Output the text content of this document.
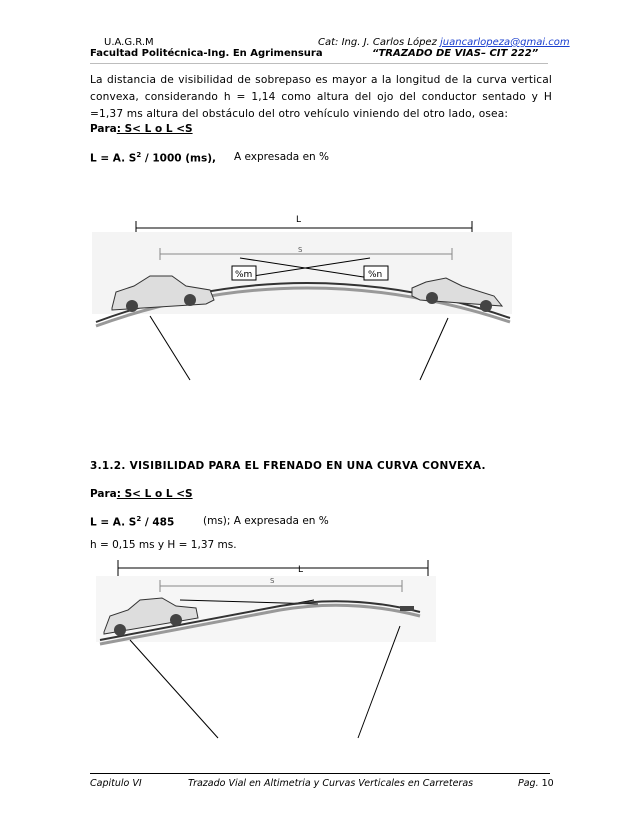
U.A.G.R.M
Facultad Politécnica-Ing. En Agrimensura
Cat: Ing. J. Carlos López juancarlopeza@gmai.com
“TRAZADO DE VIAS– CIT 222”
La distancia de visibilidad de sobrepaso es mayor a la longitud de la curva vertical convexa, considerando h = 1,14 como altura del ojo del conductor sentado y H =1,37 ms altura del obstáculo del otro vehículo viniendo del otro lado, osea:
Para: S< L o L <S
L = A. $S^2 / 1000$ (ms), A expresada en %
L
S
%m	%n
L
S
3.1.2. VISIBILIDAD PARA EL FRENADO EN UNA CURVA CONVEXA.
Para: S< L o L <S
L = A. $S^2 / 485$	(ms); A expresada en %
h = 0,15 ms y H = 1,37 ms.
Capitulo VI	Trazado Vial en Altimetria y Curvas Verticales en Carreteras	Pag. 10
